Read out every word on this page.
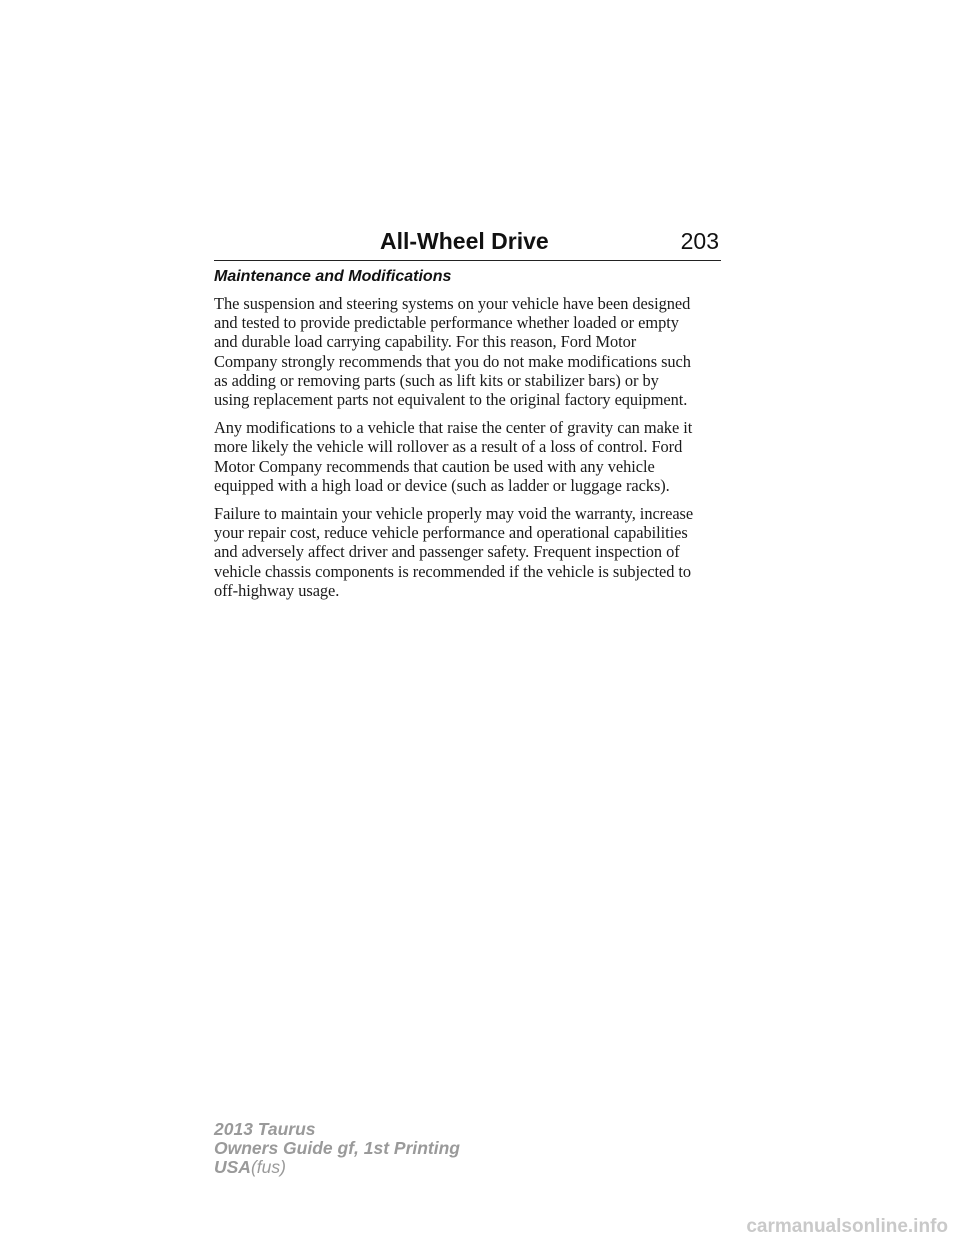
All-Wheel Drive	203
Maintenance and Modifications
The suspension and steering systems on your vehicle have been designed
and tested to provide predictable performance whether loaded or empty
and durable load carrying capability. For this reason, Ford Motor
Company strongly recommends that you do not make modifications such
as adding or removing parts (such as lift kits or stabilizer bars) or by
using replacement parts not equivalent to the original factory equipment.
Any modifications to a vehicle that raise the center of gravity can make it
more likely the vehicle will rollover as a result of a loss of control. Ford
Motor Company recommends that caution be used with any vehicle
equipped with a high load or device (such as ladder or luggage racks).
Failure to maintain your vehicle properly may void the warranty, increase
your repair cost, reduce vehicle performance and operational capabilities
and adversely affect driver and passenger safety. Frequent inspection of
vehicle chassis components is recommended if the vehicle is subjected to
off-highway usage.
2013 Taurus
Owners Guide gf, 1st Printing
USA(fus)
carmanualsonline.info
